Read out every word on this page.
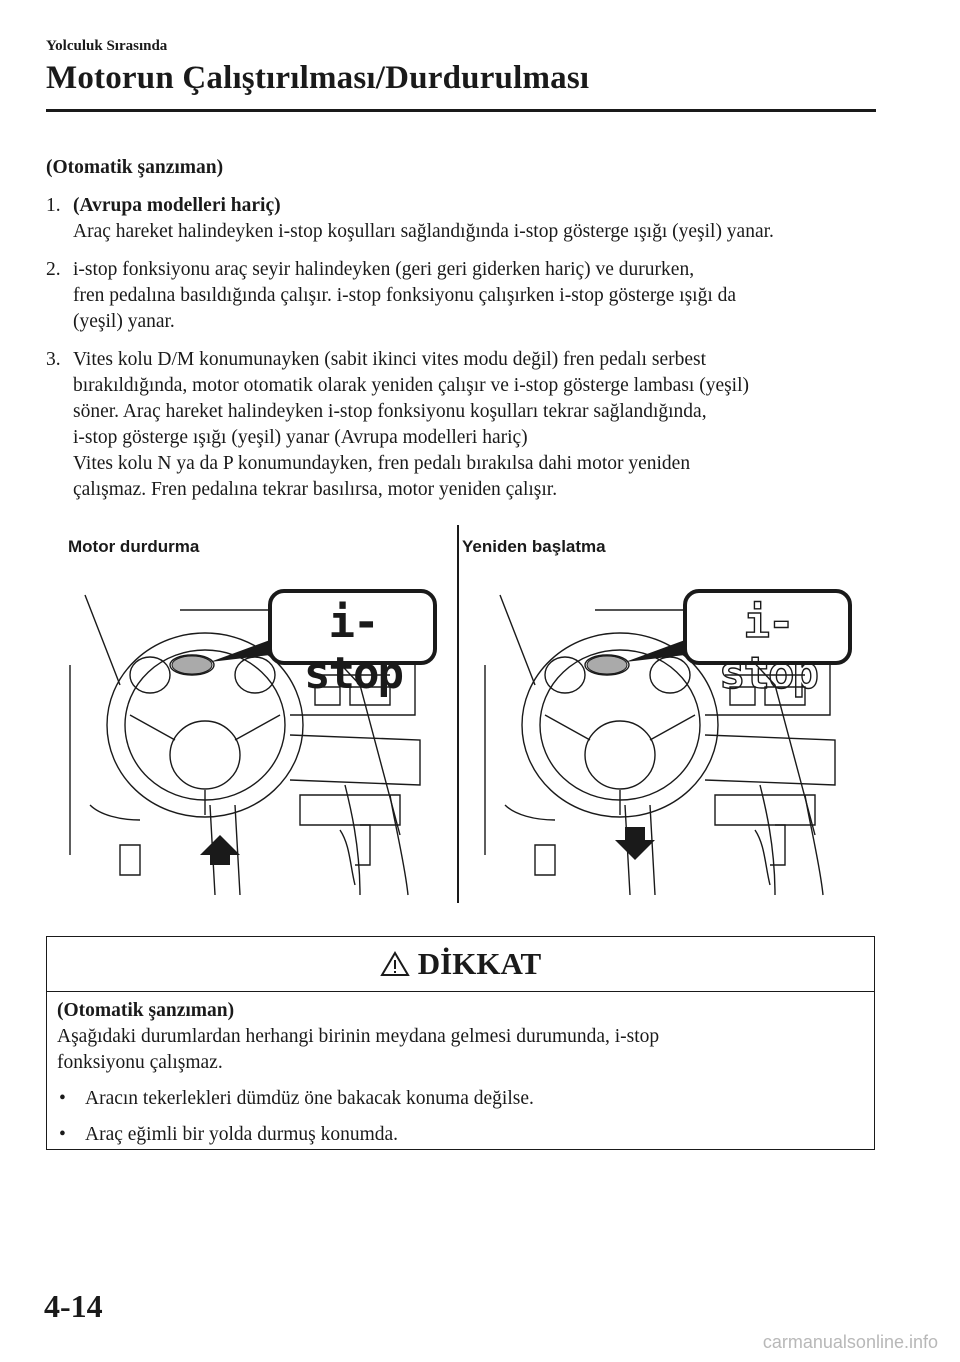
Yolculuk Sırasında
Motorun Çalıştırılması/Durdurulması
(Otomatik şanzıman)
1. (Avrupa modelleri hariç)

Araç hareket halindeyken i-stop koşulları sağlandığında i-stop gösterge ışığı (yeşil) yanar.

2. i-stop fonksiyonu araç seyir halindeyken (geri geri giderken hariç) ve dururken,

fren pedalına basıldığında çalışır. i-stop fonksiyonu çalışırken i-stop gösterge ışığı da

(yeşil) yanar.

3. Vites kolu D/M konumunayken (sabit ikinci vites modu değil) fren pedalı serbest

bırakıldığında, motor otomatik olarak yeniden çalışır ve i-stop gösterge lambası (yeşil)

söner. Araç hareket halindeyken i-stop fonksiyonu koşulları tekrar sağlandığında,

i-stop gösterge ışığı (yeşil) yanar (Avrupa modelleri hariç)

Vites kolu N ya da P konumundayken, fren pedalı bırakılsa dahi motor yeniden

çalışmaz. Fren pedalına tekrar basılırsa, motor yeniden çalışır.

Motor durdurma	Yeniden başlatma
i-stop
i-stop
DİKKAT

(Otomatik şanzıman)

Aşağıdaki durumlardan herhangi birinin meydana gelmesi durumunda, i-stop

fonksiyonu çalışmaz.

• Aracın tekerlekleri dümdüz öne bakacak konuma değilse.
• Araç eğimli bir yolda durmuş konumda.
4-14
carmanualsonline.info
